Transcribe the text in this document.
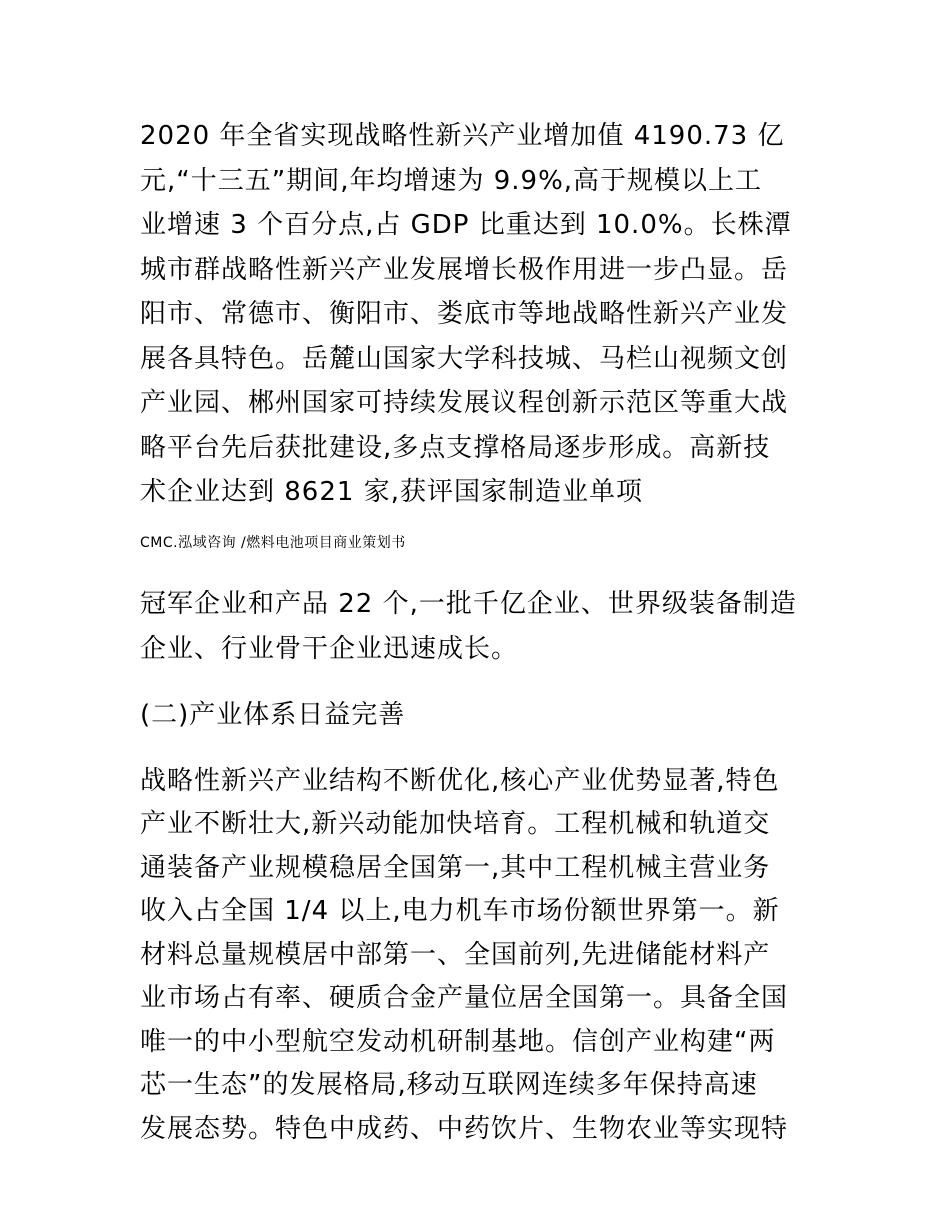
2020 年全省实现战略性新兴产业增加值 4190.73 亿
元,“十三五”期间,年均增速为 9.9%,高于规模以上工
业增速 3 个百分点,占 GDP 比重达到 10.0%。长株潭
城市群战略性新兴产业发展增长极作用进一步凸显。岳
阳市、常德市、衡阳市、娄底市等地战略性新兴产业发
展各具特色。岳麓山国家大学科技城、马栏山视频文创
产业园、郴州国家可持续发展议程创新示范区等重大战
略平台先后获批建设,多点支撑格局逐步形成。高新技
术企业达到 8621 家,获评国家制造业单项
CMC.泓域咨询 /燃料电池项目商业策划书
冠军企业和产品 22 个,一批千亿企业、世界级装备制造
企业、行业骨干企业迅速成长。
(二)产业体系日益完善
战略性新兴产业结构不断优化,核心产业优势显著,特色
产业不断壮大,新兴动能加快培育。工程机械和轨道交
通装备产业规模稳居全国第一,其中工程机械主营业务
收入占全国 1/4 以上,电力机车市场份额世界第一。新
材料总量规模居中部第一、全国前列,先进储能材料产
业市场占有率、硬质合金产量位居全国第一。具备全国
唯一的中小型航空发动机研制基地。信创产业构建“两
芯一生态”的发展格局,移动互联网连续多年保持高速
发展态势。特色中成药、中药饮片、生物农业等实现特
